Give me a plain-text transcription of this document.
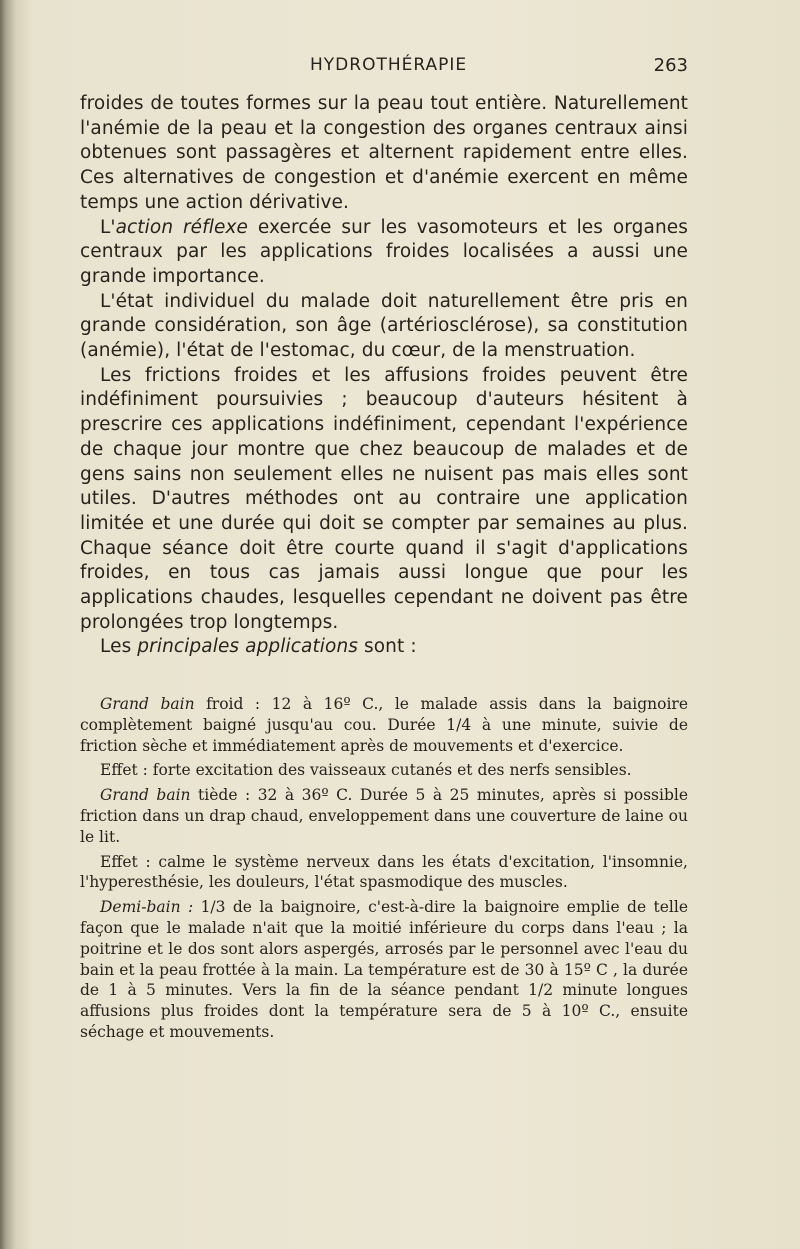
HYDROTHÉRAPIE	263

froides de toutes formes sur la peau tout entière. Naturellement l'anémie de la peau et la congestion des organes centraux ainsi obtenues sont passagères et alternent rapidement entre elles. Ces alternatives de congestion et d'anémie exercent en même temps une action dérivative.

L'action réflexe exercée sur les vasomoteurs et les organes centraux par les applications froides localisées a aussi une grande importance.

L'état individuel du malade doit naturellement être pris en grande considération, son âge (artériosclérose), sa constitution (anémie), l'état de l'estomac, du cœur, de la menstruation.

Les frictions froides et les affusions froides peuvent être indéfiniment poursuivies ; beaucoup d'auteurs hésitent à prescrire ces applications indéfiniment, cependant l'expérience de chaque jour montre que chez beaucoup de malades et de gens sains non seulement elles ne nuisent pas mais elles sont utiles. D'autres méthodes ont au contraire une application limitée et une durée qui doit se compter par semaines au plus. Chaque séance doit être courte quand il s'agit d'applications froides, en tous cas jamais aussi longue que pour les applications chaudes, lesquelles cependant ne doivent pas être prolongées trop longtemps.

Les principales applications sont :

Grand bain froid : 12 à 16º C., le malade assis dans la baignoire complètement baigné jusqu'au cou. Durée 1/4 à une minute, suivie de friction sèche et immédiatement après de mouvements et d'exercice.

Effet : forte excitation des vaisseaux cutanés et des nerfs sensibles.

Grand bain tiède : 32 à 36º C. Durée 5 à 25 minutes, après si possible friction dans un drap chaud, enveloppement dans une couverture de laine ou le lit.

Effet : calme le système nerveux dans les états d'excitation, l'insomnie, l'hyperesthésie, les douleurs, l'état spasmodique des muscles.

Demi-bain : 1/3 de la baignoire, c'est-à-dire la baignoire emplie de telle façon que le malade n'ait que la moitié inférieure du corps dans l'eau ; la poitrine et le dos sont alors aspergés, arrosés par le personnel avec l'eau du bain et la peau frottée à la main. La température est de 30 à 15º C , la durée de 1 à 5 minutes. Vers la fin de la séance pendant 1/2 minute longues affusions plus froides dont la température sera de 5 à 10º C., ensuite séchage et mouvements.
